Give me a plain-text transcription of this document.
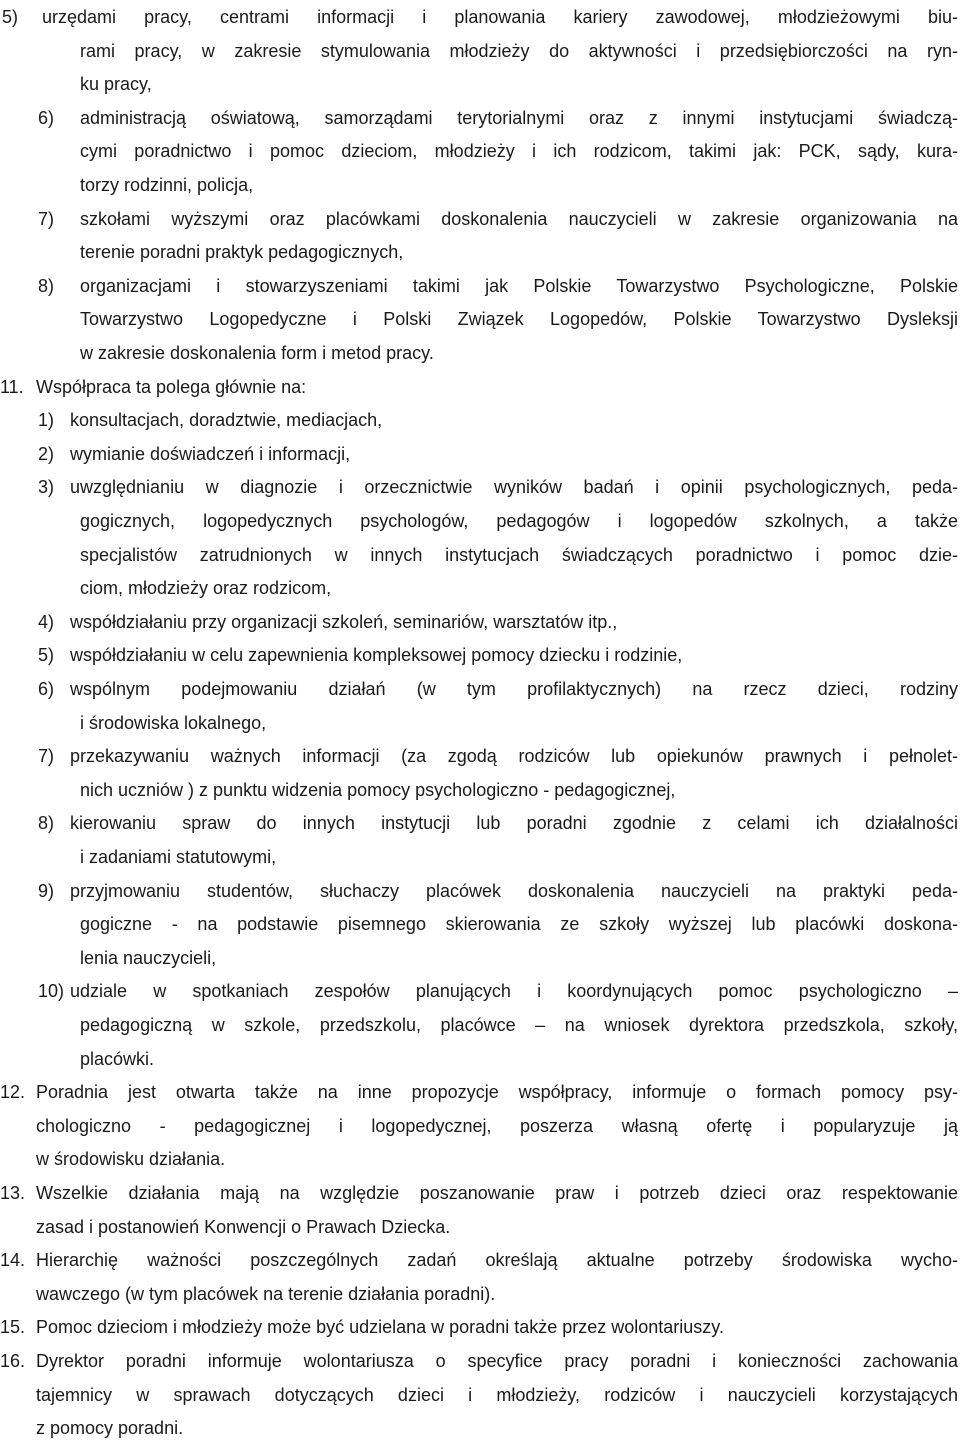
5) urzędami pracy, centrami informacji i planowania kariery zawodowej, młodzieżowymi biu-
rami pracy, w zakresie stymulowania młodzieży do aktywności i przedsiębiorczości na ryn-
ku pracy,
6) administracją oświatową, samorządami terytorialnymi oraz z innymi instytucjami świadczą-
cymi poradnictwo i pomoc dzieciom, młodzieży i ich rodzicom, takimi jak: PCK, sądy, kura-
torzy rodzinni, policja,
7) szkołami wyższymi oraz placówkami doskonalenia nauczycieli w zakresie organizowania na
terenie poradni praktyk pedagogicznych,
8) organizacjami i stowarzyszeniami takimi jak Polskie Towarzystwo Psychologiczne, Polskie
Towarzystwo Logopedyczne i Polski Związek Logopedów, Polskie Towarzystwo Dysleksji
w zakresie doskonalenia form i metod pracy.
11. Współpraca ta polega głównie na:
1) konsultacjach, doradztwie, mediacjach,
2) wymianie doświadczeń i informacji,
3) uwzględnianiu w diagnozie i orzecznictwie wyników badań i opinii psychologicznych, peda-
gogicznych, logopedycznych psychologów, pedagogów i logopedów szkolnych, a także
specjalistów zatrudnionych w innych instytucjach świadczących poradnictwo i pomoc dzie-
ciom, młodzieży oraz rodzicom,
4) współdziałaniu przy organizacji szkoleń, seminariów, warsztatów itp.,
5) współdziałaniu w celu zapewnienia kompleksowej pomocy dziecku i rodzinie,
6) wspólnym podejmowaniu działań (w tym profilaktycznych) na rzecz dzieci, rodziny
i środowiska lokalnego,
7) przekazywaniu ważnych informacji (za zgodą rodziców lub opiekunów prawnych i pełnolet-
nich uczniów ) z punktu widzenia pomocy psychologiczno - pedagogicznej,
8) kierowaniu spraw do innych instytucji lub poradni zgodnie z celami ich działalności
i zadaniami statutowymi,
9) przyjmowaniu studentów, słuchaczy placówek doskonalenia nauczycieli na praktyki peda-
gogiczne - na podstawie pisemnego skierowania ze szkoły wyższej lub placówki doskona-
lenia nauczycieli,
10) udziale w spotkaniach zespołów planujących i koordynujących pomoc psychologiczno –
pedagogiczną w szkole, przedszkolu, placówce – na wniosek dyrektora przedszkola, szkoły,
placówki.
12. Poradnia jest otwarta także na inne propozycje współpracy, informuje o formach pomocy psy-
chologiczno - pedagogicznej i logopedycznej, poszerza własną ofertę i popularyzuje ją
w środowisku działania.
13. Wszelkie działania mają na względzie poszanowanie praw i potrzeb dzieci oraz respektowanie
zasad i postanowień Konwencji o Prawach Dziecka.
14. Hierarchię ważności poszczególnych zadań określają aktualne potrzeby środowiska wycho-
wawczego (w tym placówek na terenie działania poradni).
15. Pomoc dzieciom i młodzieży może być udzielana w poradni także przez wolontariuszy.
16. Dyrektor poradni informuje wolontariusza o specyfice pracy poradni i konieczności zachowania
tajemnicy w sprawach dotyczących dzieci i młodzieży, rodziców i nauczycieli korzystających
z pomocy poradni.
